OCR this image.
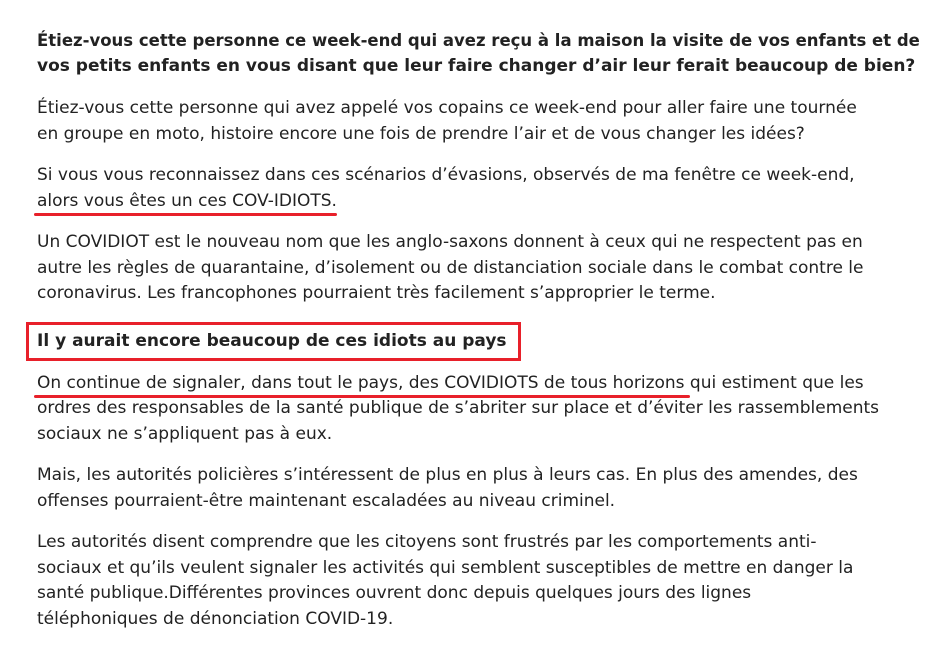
Étiez-vous cette personne ce week-end qui avez reçu à la maison la visite de vos enfants et de
vos petits enfants en vous disant que leur faire changer d’air leur ferait beaucoup de bien?

Étiez-vous cette personne qui avez appelé vos copains ce week-end pour aller faire une tournée
en groupe en moto, histoire encore une fois de prendre l’air et de vous changer les idées?

Si vous vous reconnaissez dans ces scénarios d’évasions, observés de ma fenêtre ce week-end,
alors vous êtes un ces COV-IDIOTS.

Un COVIDIOT est le nouveau nom que les anglo-saxons donnent à ceux qui ne respectent pas en
autre les règles de quarantaine, d’isolement ou de distanciation sociale dans le combat contre le
coronavirus. Les francophones pourraient très facilement s’approprier le terme.

Il y aurait encore beaucoup de ces idiots au pays

On continue de signaler, dans tout le pays, des COVIDIOTS de tous horizons qui estiment que les
ordres des responsables de la santé publique de s’abriter sur place et d’éviter les rassemblements
sociaux ne s’appliquent pas à eux.

Mais, les autorités policières s’intéressent de plus en plus à leurs cas. En plus des amendes, des
offenses pourraient-être maintenant escaladées au niveau criminel.

Les autorités disent comprendre que les citoyens sont frustrés par les comportements anti-
sociaux et qu’ils veulent signaler les activités qui semblent susceptibles de mettre en danger la
santé publique.Différentes provinces ouvrent donc depuis quelques jours des lignes
téléphoniques de dénonciation COVID-19.
